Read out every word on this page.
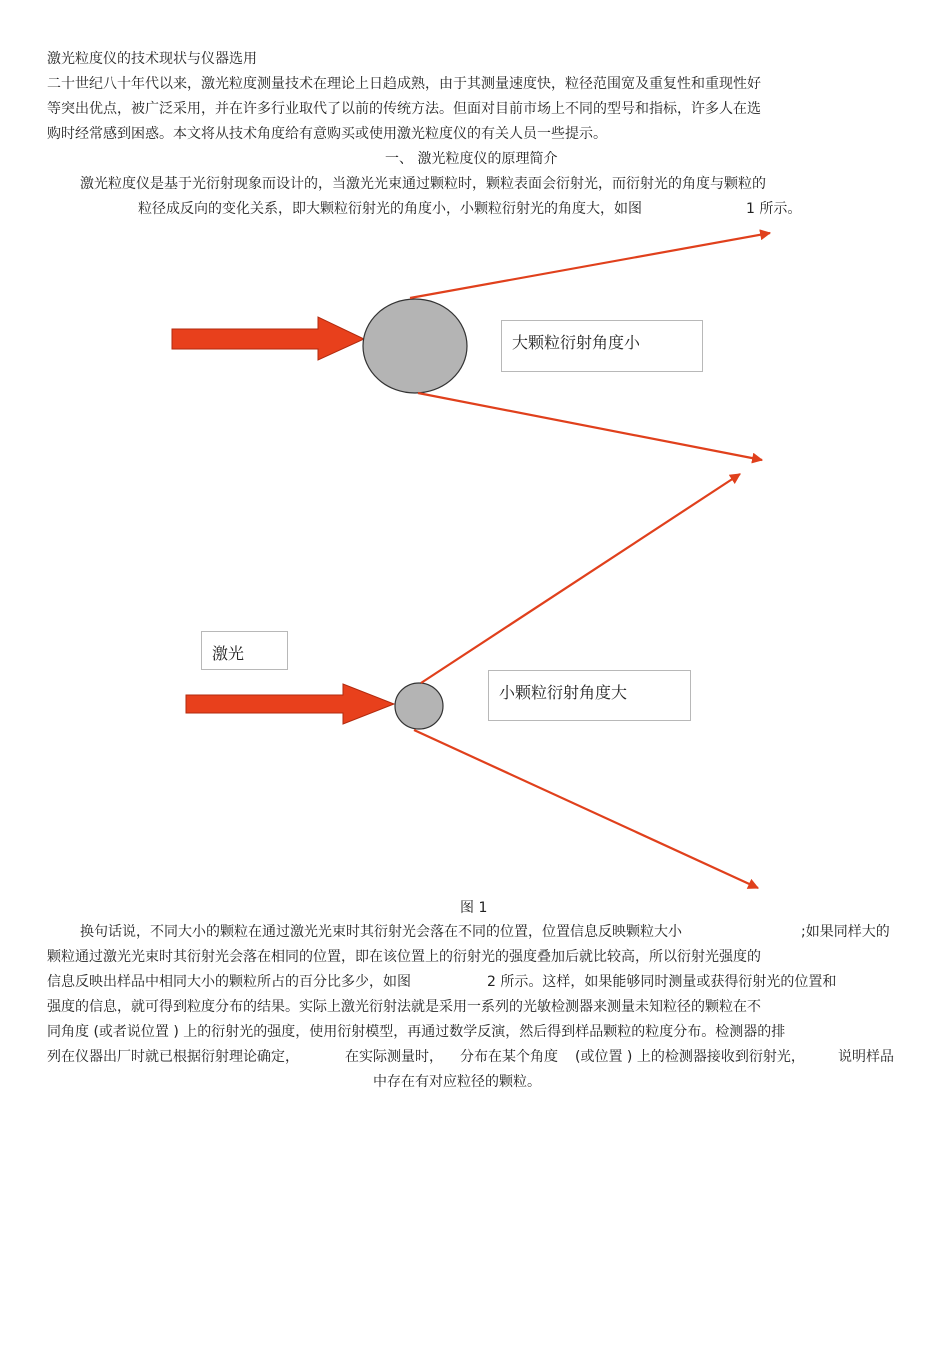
激光粒度仪的技术现状与仪器选用
二十世纪八十年代以来，激光粒度测量技术在理论上日趋成熟，由于其测量速度快，粒径范围宽及重复性和重现性好
等突出优点，被广泛采用，并在许多行业取代了以前的传统方法。但面对目前市场上不同的型号和指标，许多人在选
购时经常感到困惑。本文将从技术角度给有意购买或使用激光粒度仪的有关人员一些提示。
一、 激光粒度仪的原理简介
激光粒度仪是基于光衍射现象而设计的，当激光光束通过颗粒时，颗粒表面会衍射光，而衍射光的角度与颗粒的
粒径成反向的变化关系，即大颗粒衍射光的角度小，小颗粒衍射光的角度大，如图	1 所示。
大颗粒衍射角度小
激光
小颗粒衍射角度大
图 1
换句话说，不同大小的颗粒在通过激光光束时其衍射光会落在不同的位置，位置信息反映颗粒大小	;如果同样大的
颗粒通过激光光束时其衍射光会落在相同的位置，即在该位置上的衍射光的强度叠加后就比较高，所以衍射光强度的
信息反映出样品中相同大小的颗粒所占的百分比多少，如图	2 所示。这样，如果能够同时测量或获得衍射光的位置和
强度的信息，就可得到粒度分布的结果。实际上激光衍射法就是采用一系列的光敏检测器来测量未知粒径的颗粒在不
同角度 (或者说位置 ) 上的衍射光的强度，使用衍射模型，再通过数学反演，然后得到样品颗粒的粒度分布。检测器的排
列在仪器出厂时就已根据衍射理论确定，	在实际测量时， 分布在某个角度 (或位置 ) 上的检测器接收到衍射光， 说明样品
中存在有对应粒径的颗粒。
